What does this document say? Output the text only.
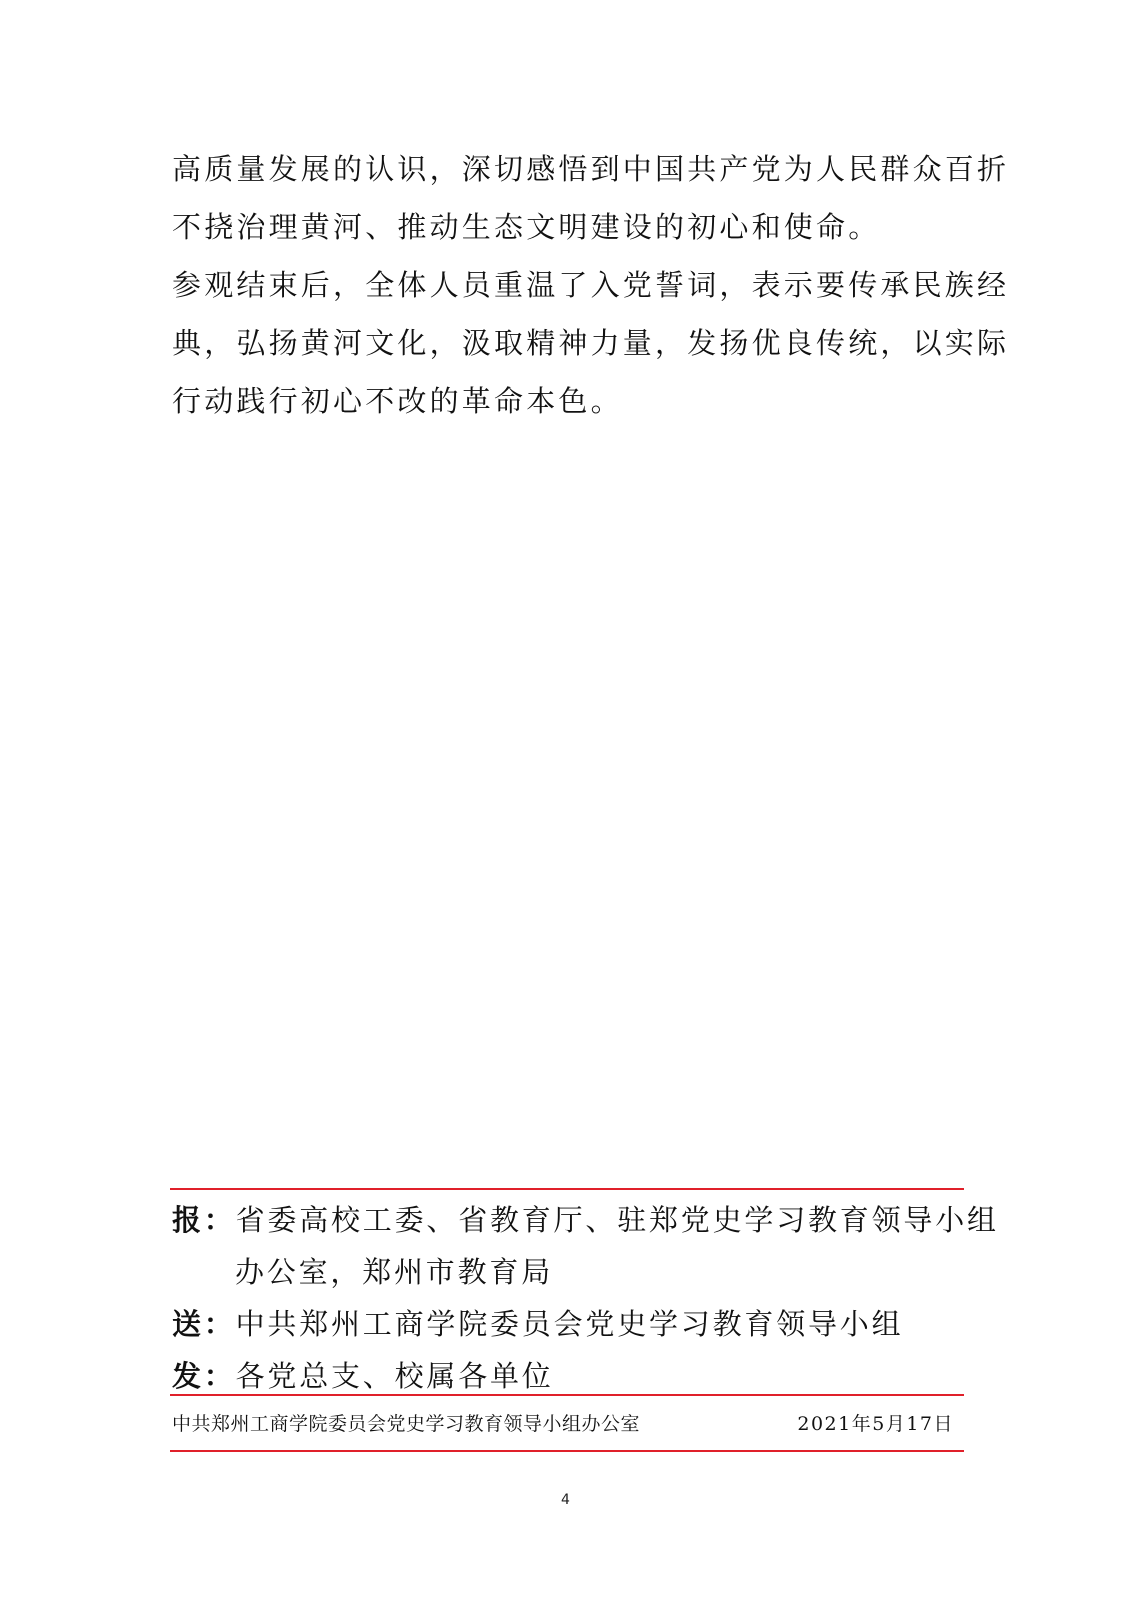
高质量发展的认识，深切感悟到中国共产党为人民群众百折
不挠治理黄河、推动生态文明建设的初心和使命。
参观结束后，全体人员重温了入党誓词，表示要传承民族经
典，弘扬黄河文化，汲取精神力量，发扬优良传统，以实际
行动践行初心不改的革命本色。
报：省委高校工委、省教育厅、驻郑党史学习教育领导小组
办公室，郑州市教育局
送：中共郑州工商学院委员会党史学习教育领导小组
发：各党总支、校属各单位
中共郑州工商学院委员会党史学习教育领导小组办公室	2021年5月17日
4
